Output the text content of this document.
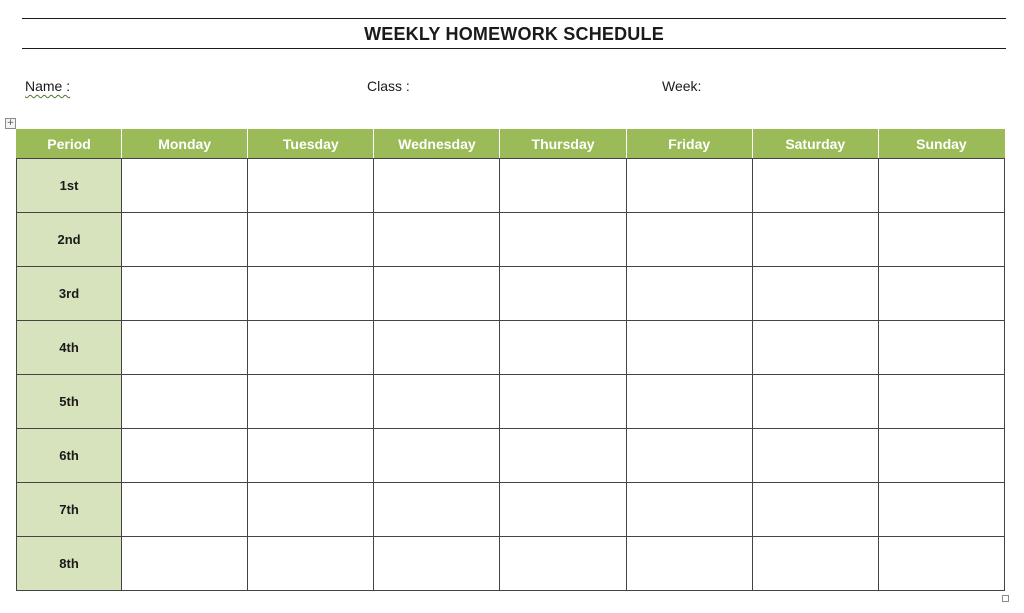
WEEKLY HOMEWORK SCHEDULE
Name :	Class :	Week:
+
Period	Monday	Tuesday	Wednesday	Thursday	Friday	Saturday	Sunday
1st							
2nd							
3rd							
4th							
5th							
6th							
7th							
8th							
